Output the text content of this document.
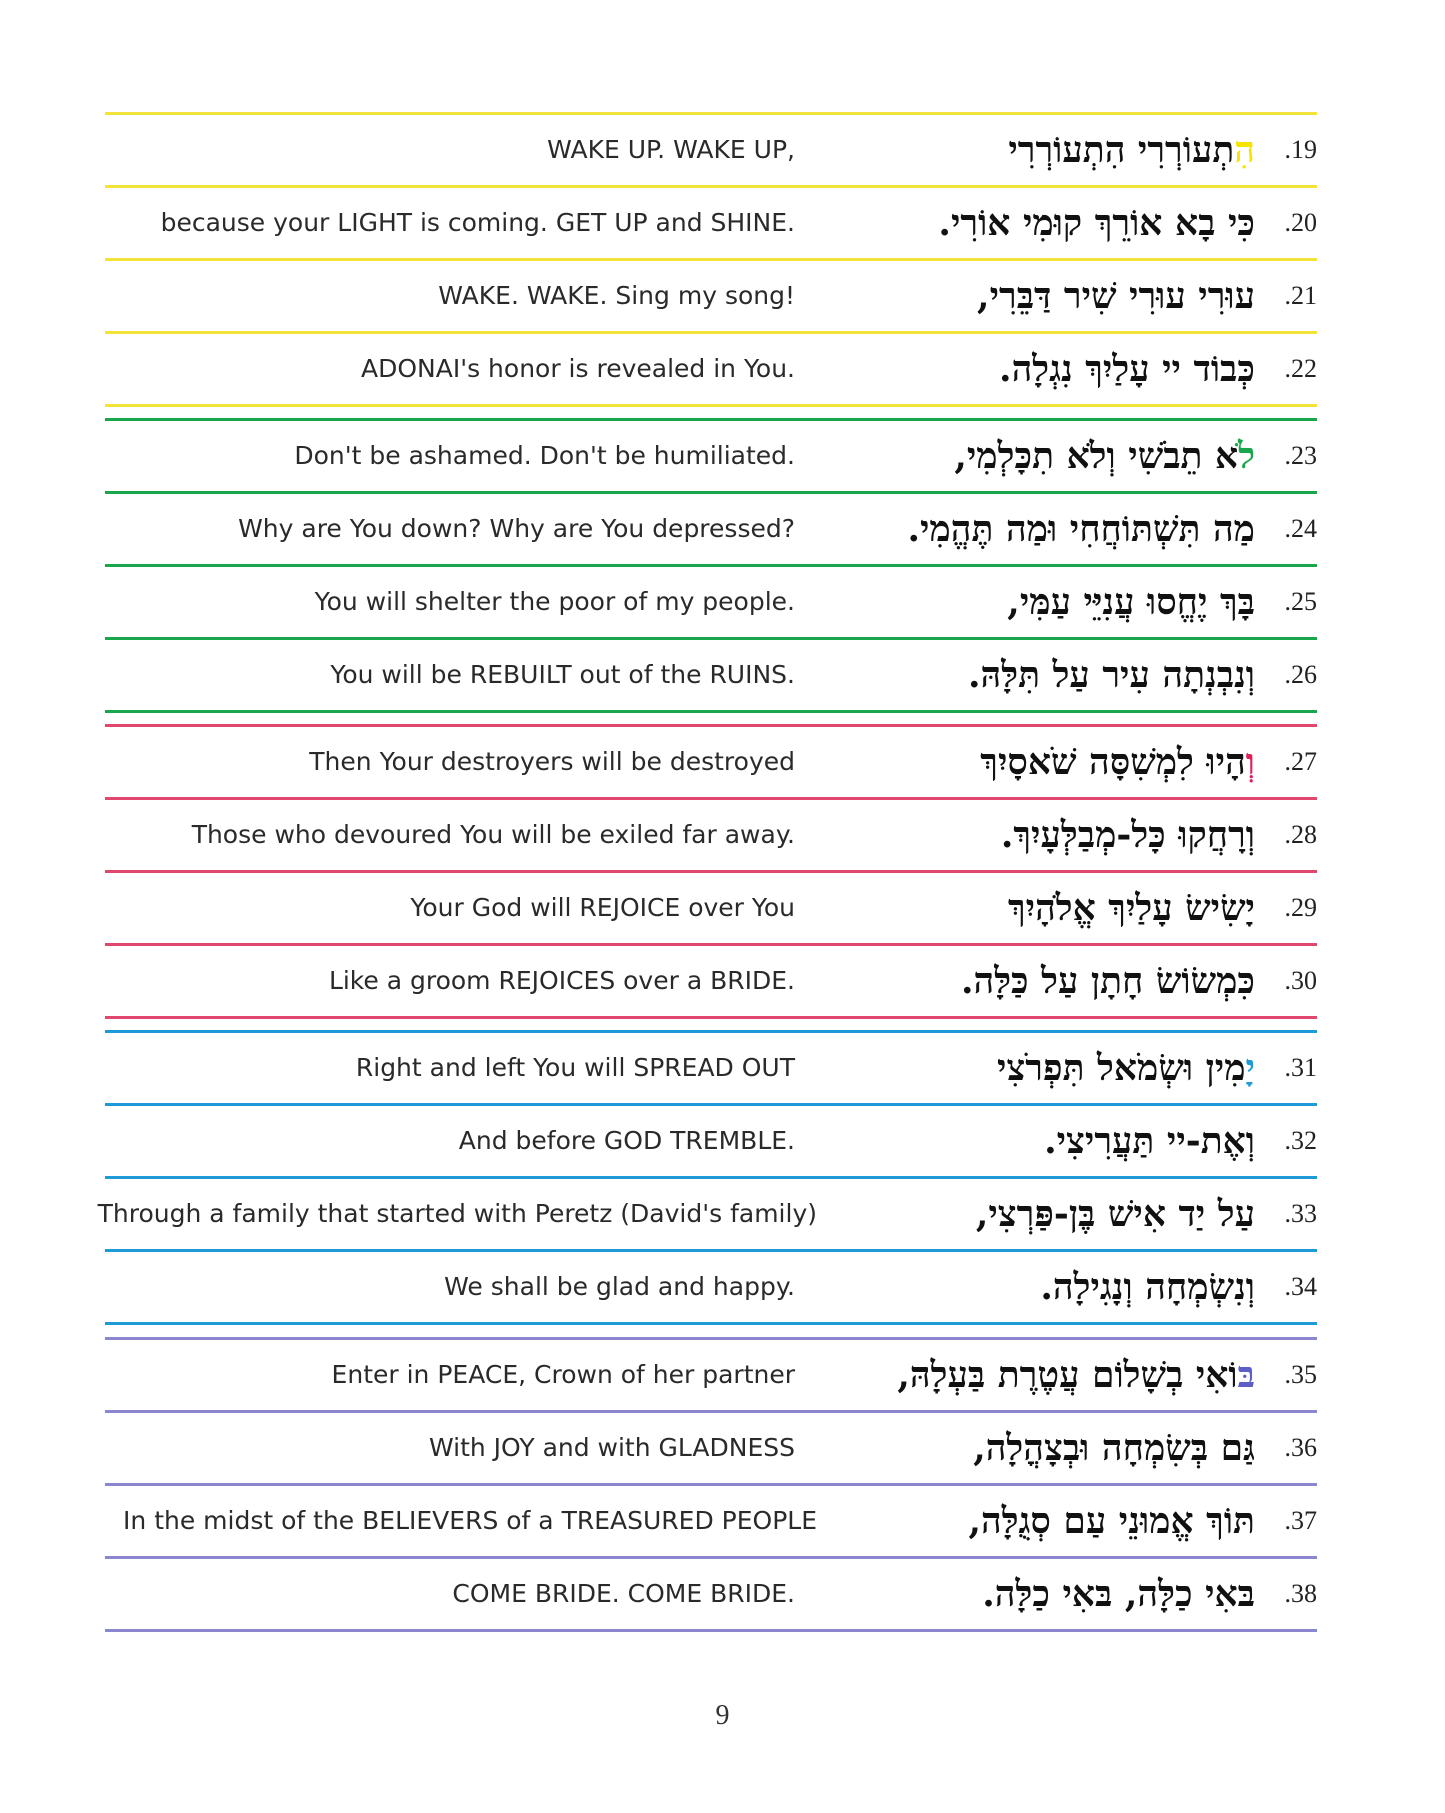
WAKE UP. WAKE UP,	הִתְעוֹרְרִי הִתְעוֹרְרִי	.19
because your LIGHT is coming. GET UP and SHINE.	כִּי בָא אוֹרֵךְ קוּמִי אוֹרִי. .20
WAKE. WAKE. Sing my song!	עוּרִי עוּרִי שִׁיר דַּבֵּרִי, .21
ADONAI's honor is revealed in You.	כְּבוֹד יי עָלַיִךְ נִגְלָה. .22
Don't be ashamed. Don't be humiliated.	לֹא תֵבֹשִׁי וְלֹא תִכָּלְמִי,	.23
Why are You down? Why are You depressed?	מַה תִּשְׁתּוֹחֲחִי וּמַה תֶּהֱמִי. .24
You will shelter the poor of my people.	בָּךְ יֶחֱסוּ עֲנִיֵּי עַמִּי, .25
You will be REBUILT out of the RUINS.	וְנִבְנְתָה עִיר עַל תִּלָּהּ. .26
Then Your destroyers will be destroyed	וְהָיוּ לִמְשִׁסָּה שֹׁאסָיִךְ	.27
Those who devoured You will be exiled far away.	וְרָחֲקוּ כָּל-מְבַלְּעָיִךְ. .28
Your God will REJOICE over You	יָשִׂישׂ עָלַיִךְ אֱלֹהָיִךְ .29
Like a groom REJOICES over a BRIDE.	כִּמְשׂוֹשׂ חָתָן עַל כַּלָּה. .30
Right and left You will SPREAD OUT	יָמִין וּשְׂמֹאל תִּפְרֹצִי	.31
And before GOD TREMBLE.	וְאֶת-יי תַּעֲרִיצִי. .32
Through a family that started with Peretz (David's family)	עַל יַד אִישׁ בֶּן-פַּרְצִי, .33
We shall be glad and happy.	וְנִשְׂמְחָה וְנָגִילָה. .34
Enter in PEACE, Crown of her partner	בּוֹאִי בְשָׁלוֹם עֲטֶרֶת בַּעְלָהּ,	.35
With JOY and with GLADNESS	גַּם בְּשִׂמְחָה וּבְצָהֳלָה, .36
In the midst of the BELIEVERS of a TREASURED PEOPLE	תּוֹךְ אֱמוּנֵי עַם סְגֻלָּה, .37
COME BRIDE. COME BRIDE.	בּאִי כַלָּה, בּאִי כַלָּה. .38
9
